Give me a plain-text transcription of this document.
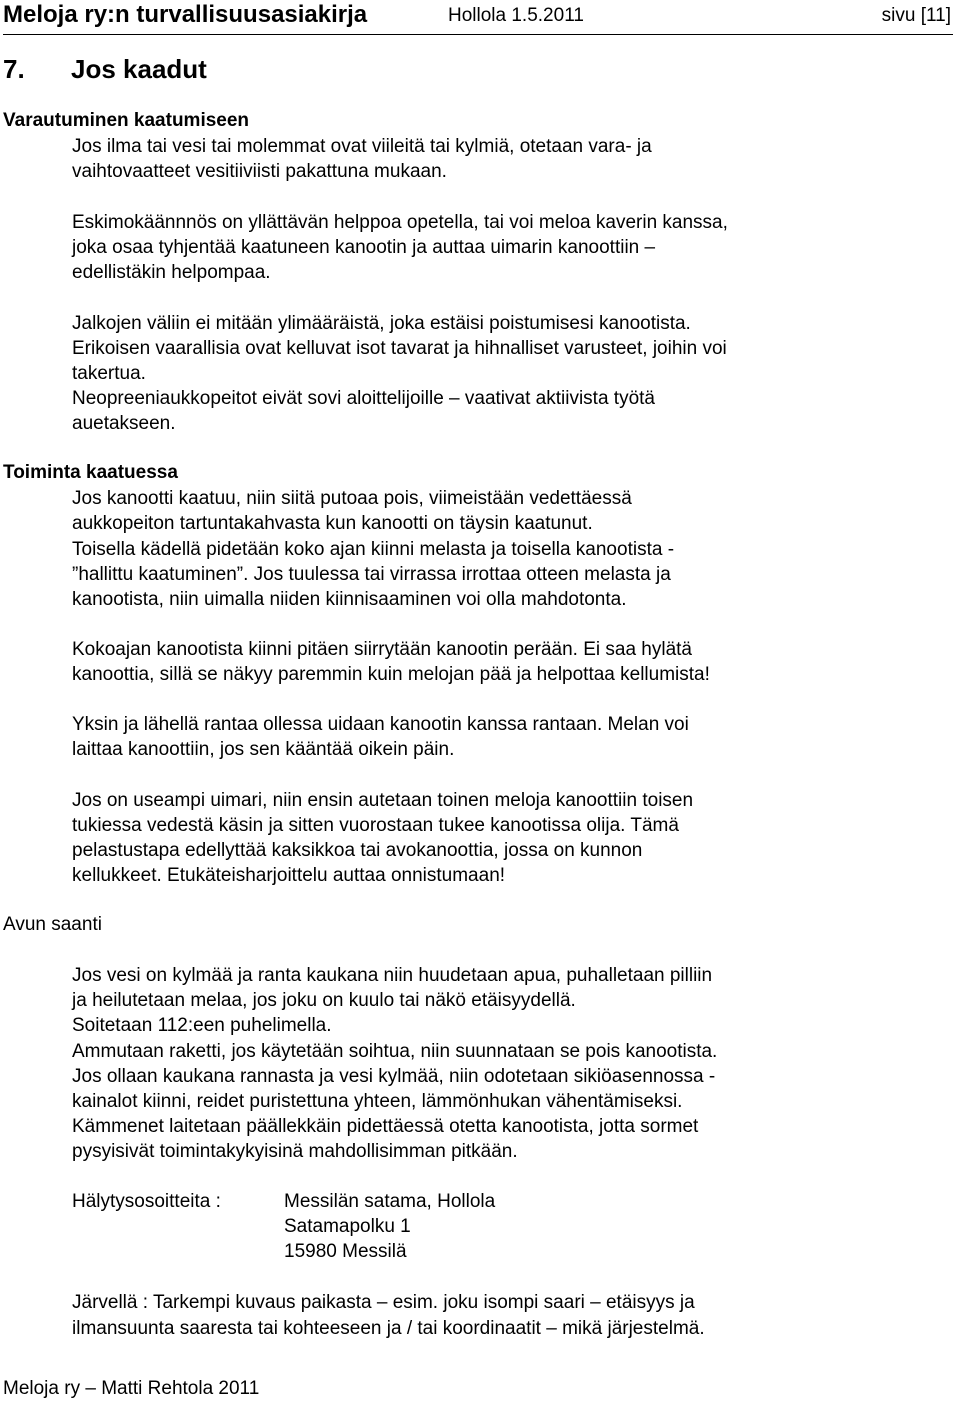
Meloja ry:n turvallisuusasiakirja	Hollola 1.5.2011	sivu [11]
7. Jos kaadut
Varautuminen kaatumiseen
Jos ilma tai vesi tai molemmat ovat viileitä tai kylmiä, otetaan vara- ja
vaihtovaatteet vesitiiviisti pakattuna mukaan.
Eskimokäännnös on yllättävän helppoa opetella, tai voi meloa kaverin kanssa,
joka osaa tyhjentää kaatuneen kanootin ja auttaa uimarin kanoottiin –
edellistäkin helpompaa.
Jalkojen väliin ei mitään ylimääräistä, joka estäisi poistumisesi kanootista.
Erikoisen vaarallisia ovat kelluvat isot tavarat ja hihnalliset varusteet, joihin voi
takertua.
Neopreeniaukkopeitot eivät sovi aloittelijoille – vaativat aktiivista työtä
auetakseen.
Toiminta kaatuessa
Jos kanootti kaatuu, niin siitä putoaa pois, viimeistään vedettäessä
aukkopeiton tartuntakahvasta kun kanootti on täysin kaatunut.
Toisella kädellä pidetään koko ajan kiinni melasta ja toisella kanootista -
”hallittu kaatuminen”. Jos tuulessa tai virrassa irrottaa otteen melasta ja
kanootista, niin uimalla niiden kiinnisaaminen voi olla mahdotonta.
Kokoajan kanootista kiinni pitäen siirrytään kanootin perään. Ei saa hylätä
kanoottia, sillä se näkyy paremmin kuin melojan pää ja helpottaa kellumista!
Yksin ja lähellä rantaa ollessa uidaan kanootin kanssa rantaan. Melan voi
laittaa kanoottiin, jos sen kääntää oikein päin.
Jos on useampi uimari, niin ensin autetaan toinen meloja kanoottiin toisen
tukiessa vedestä käsin ja sitten vuorostaan tukee kanootissa olija. Tämä
pelastustapa edellyttää kaksikkoa tai avokanoottia, jossa on kunnon
kellukkeet. Etukäteisharjoittelu auttaa onnistumaan!
Avun saanti
Jos vesi on kylmää ja ranta kaukana niin huudetaan apua, puhalletaan pilliin
ja heilutetaan melaa, jos joku on kuulo tai näkö etäisyydellä.
Soitetaan 112:een puhelimella.
Ammutaan raketti, jos käytetään soihtua, niin suunnataan se pois kanootista.
Jos ollaan kaukana rannasta ja vesi kylmää, niin odotetaan sikiöasennossa -
kainalot kiinni, reidet puristettuna yhteen, lämmönhukan vähentämiseksi.
Kämmenet laitetaan päällekkäin pidettäessä otetta kanootista, jotta sormet
pysyisivät toimintakykyisinä mahdollisimman pitkään.
Hälytysosoitteita :	Messilän satama, Hollola
Satamapolku 1
15980 Messilä
Järvellä : Tarkempi kuvaus paikasta – esim. joku isompi saari – etäisyys ja
ilmansuunta saaresta tai kohteeseen ja / tai koordinaatit – mikä järjestelmä.
Meloja ry – Matti Rehtola 2011
